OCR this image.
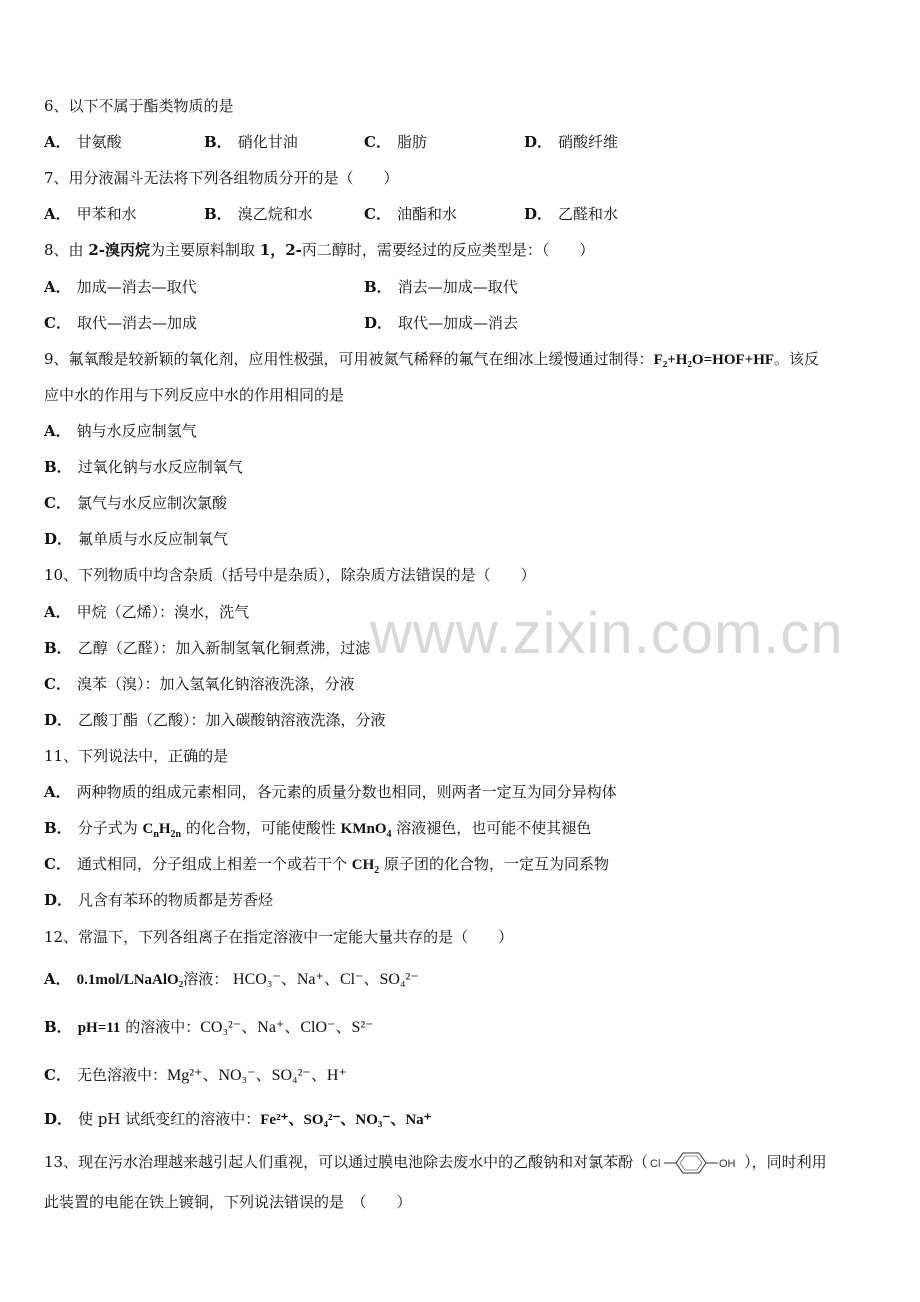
www.zixin.com.cn
6、以下不属于酯类物质的是
A． 甘氨酸	B． 硝化甘油	C． 脂肪	D． 硝酸纤维
7、用分液漏斗无法将下列各组物质分开的是（　　）
A． 甲苯和水	B． 溴乙烷和水	C． 油酯和水	D． 乙醛和水
8、由 2-溴丙烷为主要原料制取 1，2-丙二醇时，需要经过的反应类型是：（　　）
A． 加成—消去—取代	B． 消去—加成—取代
C． 取代—消去—加成	D． 取代—加成—消去
9、氟氧酸是较新颖的氧化剂，应用性极强，可用被氮气稀释的氟气在细冰上缓慢通过制得：F₂+H₂O=HOF+HF。该反
应中水的作用与下列反应中水的作用相同的是
A． 钠与水反应制氢气
B． 过氧化钠与水反应制氧气
C． 氯气与水反应制次氯酸
D． 氟单质与水反应制氧气
10、下列物质中均含杂质（括号中是杂质），除杂质方法错误的是（　　）
A． 甲烷（乙烯）：溴水，洗气
B． 乙醇（乙醛）：加入新制氢氧化铜煮沸，过滤
C． 溴苯（溴）：加入氢氧化钠溶液洗涤，分液
D． 乙酸丁酯（乙酸）：加入碳酸钠溶液洗涤，分液
11、下列说法中，正确的是
A． 两种物质的组成元素相同，各元素的质量分数也相同，则两者一定互为同分异构体
B． 分子式为 $C_nH_{2n}$ 的化合物，可能使酸性 KMnO$_4$ 溶液褪色，也可能不使其褪色
C． 通式相同，分子组成上相差一个或若干个 $CH_2$ 原子团的化合物，一定互为同系物
D． 凡含有苯环的物质都是芳香烃
12、常温下，下列各组离子在指定溶液中一定能大量共存的是（　　）
A． 0.1mol/LNaAlO₂溶液： HCO₃⁻、Na⁺、Cl⁻、SO₄²⁻
B． pH=11 的溶液中：CO₃²⁻、Na⁺、ClO⁻、S²⁻
C． 无色溶液中：Mg²⁺、NO₃⁻、SO₄²⁻、H⁺
D． 使 pH 试纸变红的溶液中：Fe²⁺、SO₄²⁻、NO₃⁻、Na⁺
13、现在污水治理越来越引起人们重视，可以通过膜电池除去废水中的乙酸钠和对氯苯酚（ Cl	OH ），同时利用
此装置的电能在铁上镀铜，下列说法错误的是　（　　）
